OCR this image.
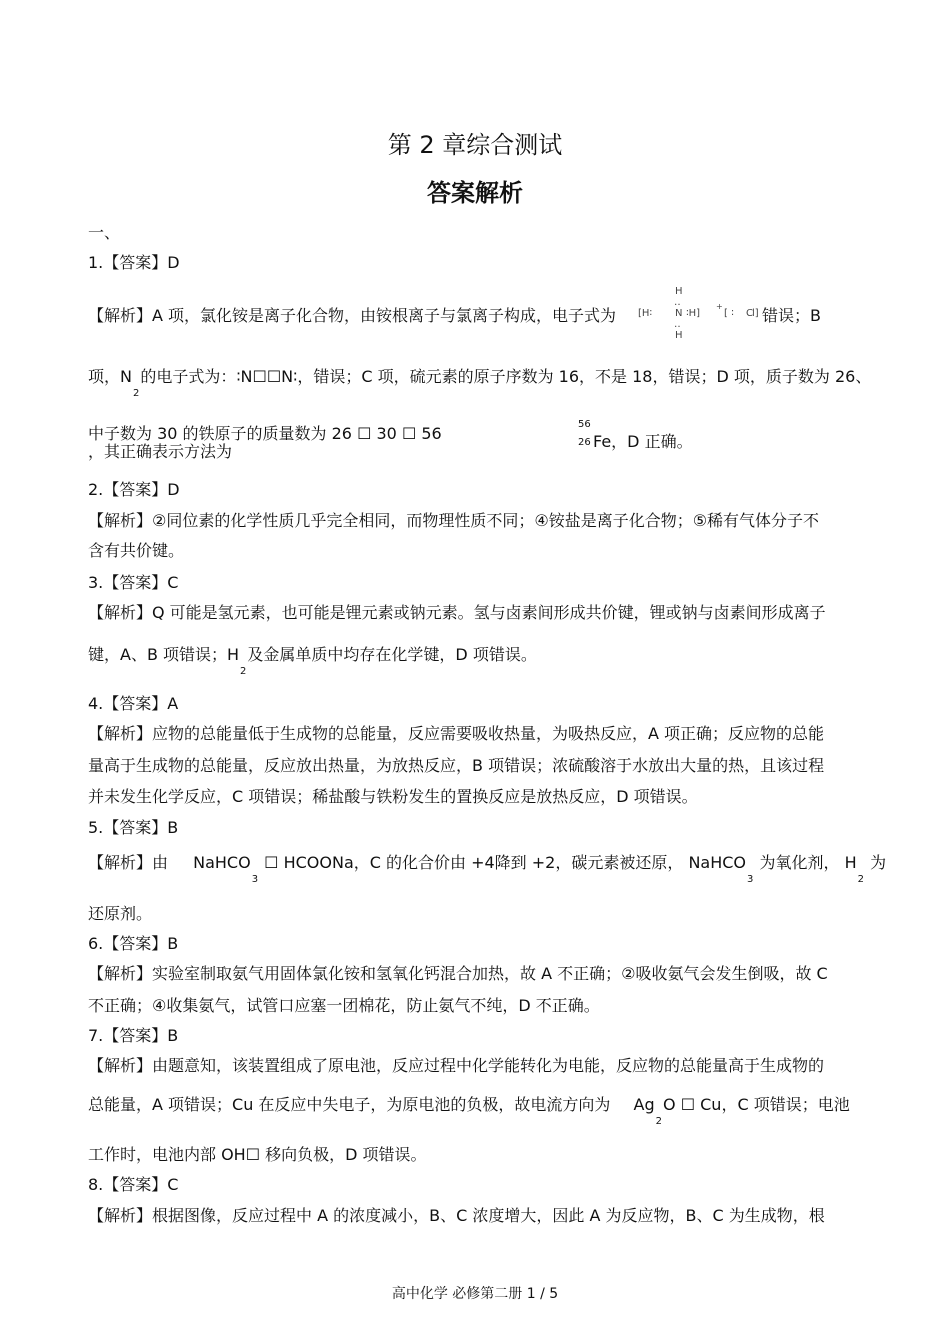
第 2 章综合测试
答案解析
一、
1.【答案】D
【解析】A 项，氯化铵是离子化合物，由铵根离子与氯离子构成，电子式为
H
‥
[H∶ N ∶H]
+
[ ∶ C l]
‥
H
错误；B
项，$N_2$的电子式为：∶N☐☐N∶，错误；C 项，硫元素的原子序数为 16，不是 18，错误；D 项，质子数为 26、
中子数为 30 的铁原子的质量数为 26 ☐ 30 ☐ 56
，其正确表示方法为
56
26 Fe，D 正确。
2.【答案】D
【解析】②同位素的化学性质几乎完全相同，而物理性质不同；④铵盐是离子化合物；⑤稀有气体分子不
含有共价键。
3.【答案】C
【解析】Q 可能是氢元素，也可能是锂元素或钠元素。氢与卤素间形成共价键，锂或钠与卤素间形成离子
键，A、B 项错误；$H_2$及金属单质中均存在化学键，D 项错误。
4.【答案】A
【解析】应物的总能量低于生成物的总能量，反应需要吸收热量，为吸热反应，A 项正确；反应物的总能
量高于生成物的总能量，反应放出热量，为放热反应，B 项错误；浓硫酸溶于水放出大量的热，且该过程
并未发生化学反应，C 项错误；稀盐酸与铁粉发生的置换反应是放热反应，D 项错误。
5.【答案】B
【解析】由 NaHCO$_3$ ☐ HCOONa，C 的化合价由 +4降到 +2，碳元素被还原， NaHCO$_3$ 为氧化剂， $H_2$ 为
还原剂。
6.【答案】B
【解析】实验室制取氨气用固体氯化铵和氢氧化钙混合加热，故 A 不正确；②吸收氨气会发生倒吸，故 C
不正确；④收集氨气，试管口应塞一团棉花，防止氨气不纯，D 不正确。
7.【答案】B
【解析】由题意知，该装置组成了原电池，反应过程中化学能转化为电能，反应物的总能量高于生成物的
总能量，A 项错误；Cu 在反应中失电子，为原电池的负极，故电流方向为 $Ag_2O$ ☐ Cu，C 项错误；电池
工作时，电池内部 OH☐ 移向负极，D 项错误。
8.【答案】C
【解析】根据图像，反应过程中 A 的浓度减小，B、C 浓度增大，因此 A 为反应物，B、C 为生成物，根
高中化学 必修第二册 1 / 5
